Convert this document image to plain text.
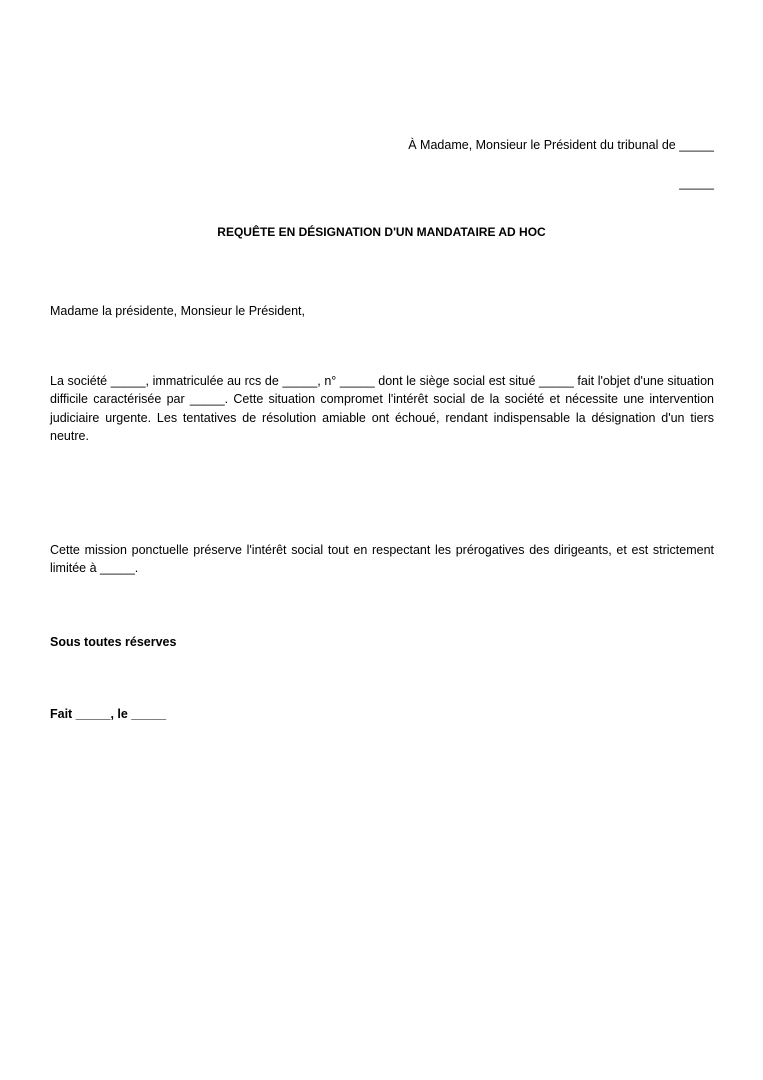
À Madame, Monsieur le Président du tribunal de _____
_____
REQUÊTE EN DÉSIGNATION D'UN MANDATAIRE AD HOC
Madame la présidente, Monsieur le Président,
La société _____, immatriculée au rcs de _____, n° _____ dont le siège social est situé _____ fait l'objet d'une situation difficile caractérisée par _____. Cette situation compromet l'intérêt social de la société et nécessite une intervention judiciaire urgente. Les tentatives de résolution amiable ont échoué, rendant indispensable la désignation d'un tiers neutre.
Cette mission ponctuelle préserve l'intérêt social tout en respectant les prérogatives des dirigeants, et est strictement limitée à _____.
Sous toutes réserves
Fait _____, le _____
